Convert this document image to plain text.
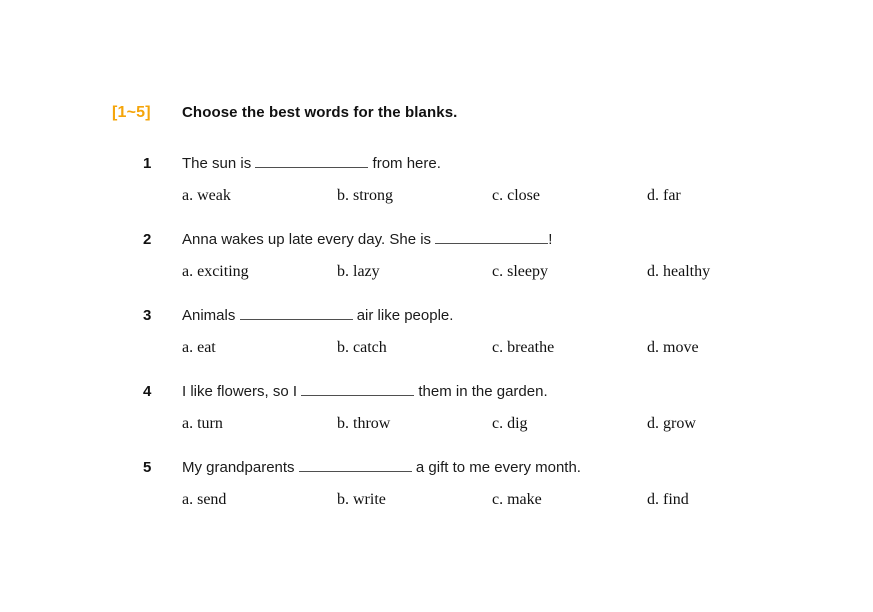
[1~5]	Choose the best words for the blanks.
1	The sun is	from here.
a. weak	b. strong	c. close	d. far
2	Anna wakes up late every day. She is	!
a. exciting	b. lazy	c. sleepy	d. healthy
3	Animals	air like people.
a. eat	b. catch	c. breathe	d. move
4	I like flowers, so I	them in the garden.
a. turn	b. throw	c. dig	d. grow
5	My grandparents	a gift to me every month.
a. send	b. write	c. make	d. find
